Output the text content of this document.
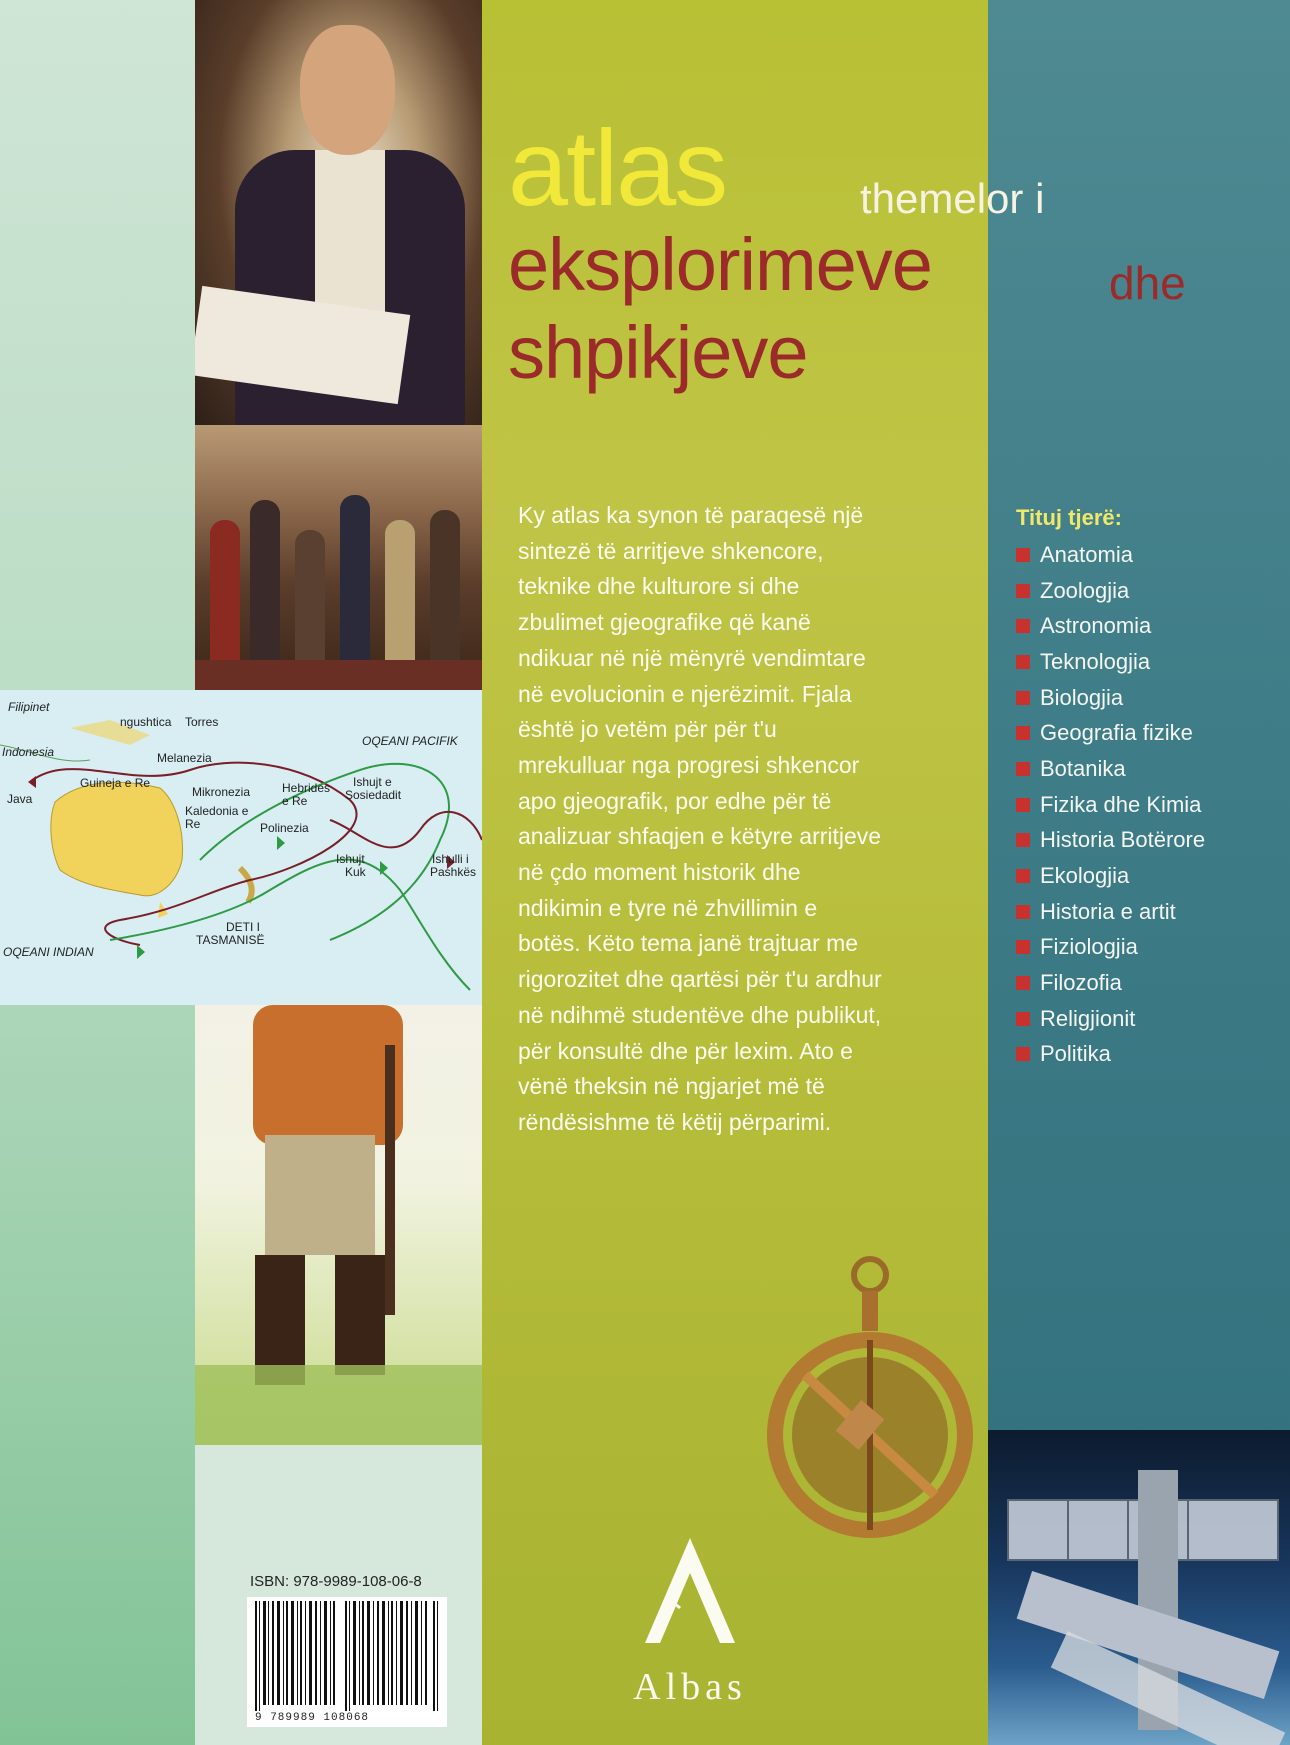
Filipinet
ngushtica Torres
Indonesia	Melanezia
OQEANI PACIFIK
Java
Guineja e Re
Mikronezia	Hebrides
e Re
Ishujt e
Sosiedadit
Kaledonia e
Re	Polinezia
Ishujt
Kuk
Ishulli i
Pashkës
DETI I
TASMANISË
OQEANI INDIAN
atlas	themelor i
eksplorimeve	dhe
shpikjeve
Ky atlas ka synon të paraqesë një
sintezë të arritjeve shkencore,
teknike dhe kulturore si dhe
zbulimet gjeografike që kanë
ndikuar në një mënyrë vendimtare
në evolucionin e njerëzimit. Fjala
është jo vetëm për për t'u
mrekulluar nga progresi shkencor
apo gjeografik, por edhe për të
analizuar shfaqjen e këtyre arritjeve
në çdo moment historik dhe
ndikimin e tyre në zhvillimin e
botës. Këto tema janë trajtuar me
rigorozitet dhe qartësi për t'u ardhur
në ndihmë studentëve dhe publikut,
për konsultë dhe për lexim. Ato e
vënë theksin në ngjarjet më të
rëndësishme të këtij përparimi.
Tituj tjerë:
Anatomia
Zoologjia
Astronomia
Teknologjia
Biologjia
Geografia fizike
Botanika
Fizika dhe Kimia
Historia Botërore
Ekologjia
Historia e artit
Fiziologjia
Filozofia
Religjionit
Politika
ISBN: 978-9989-108-06-8
9 789989 108068
Albas
